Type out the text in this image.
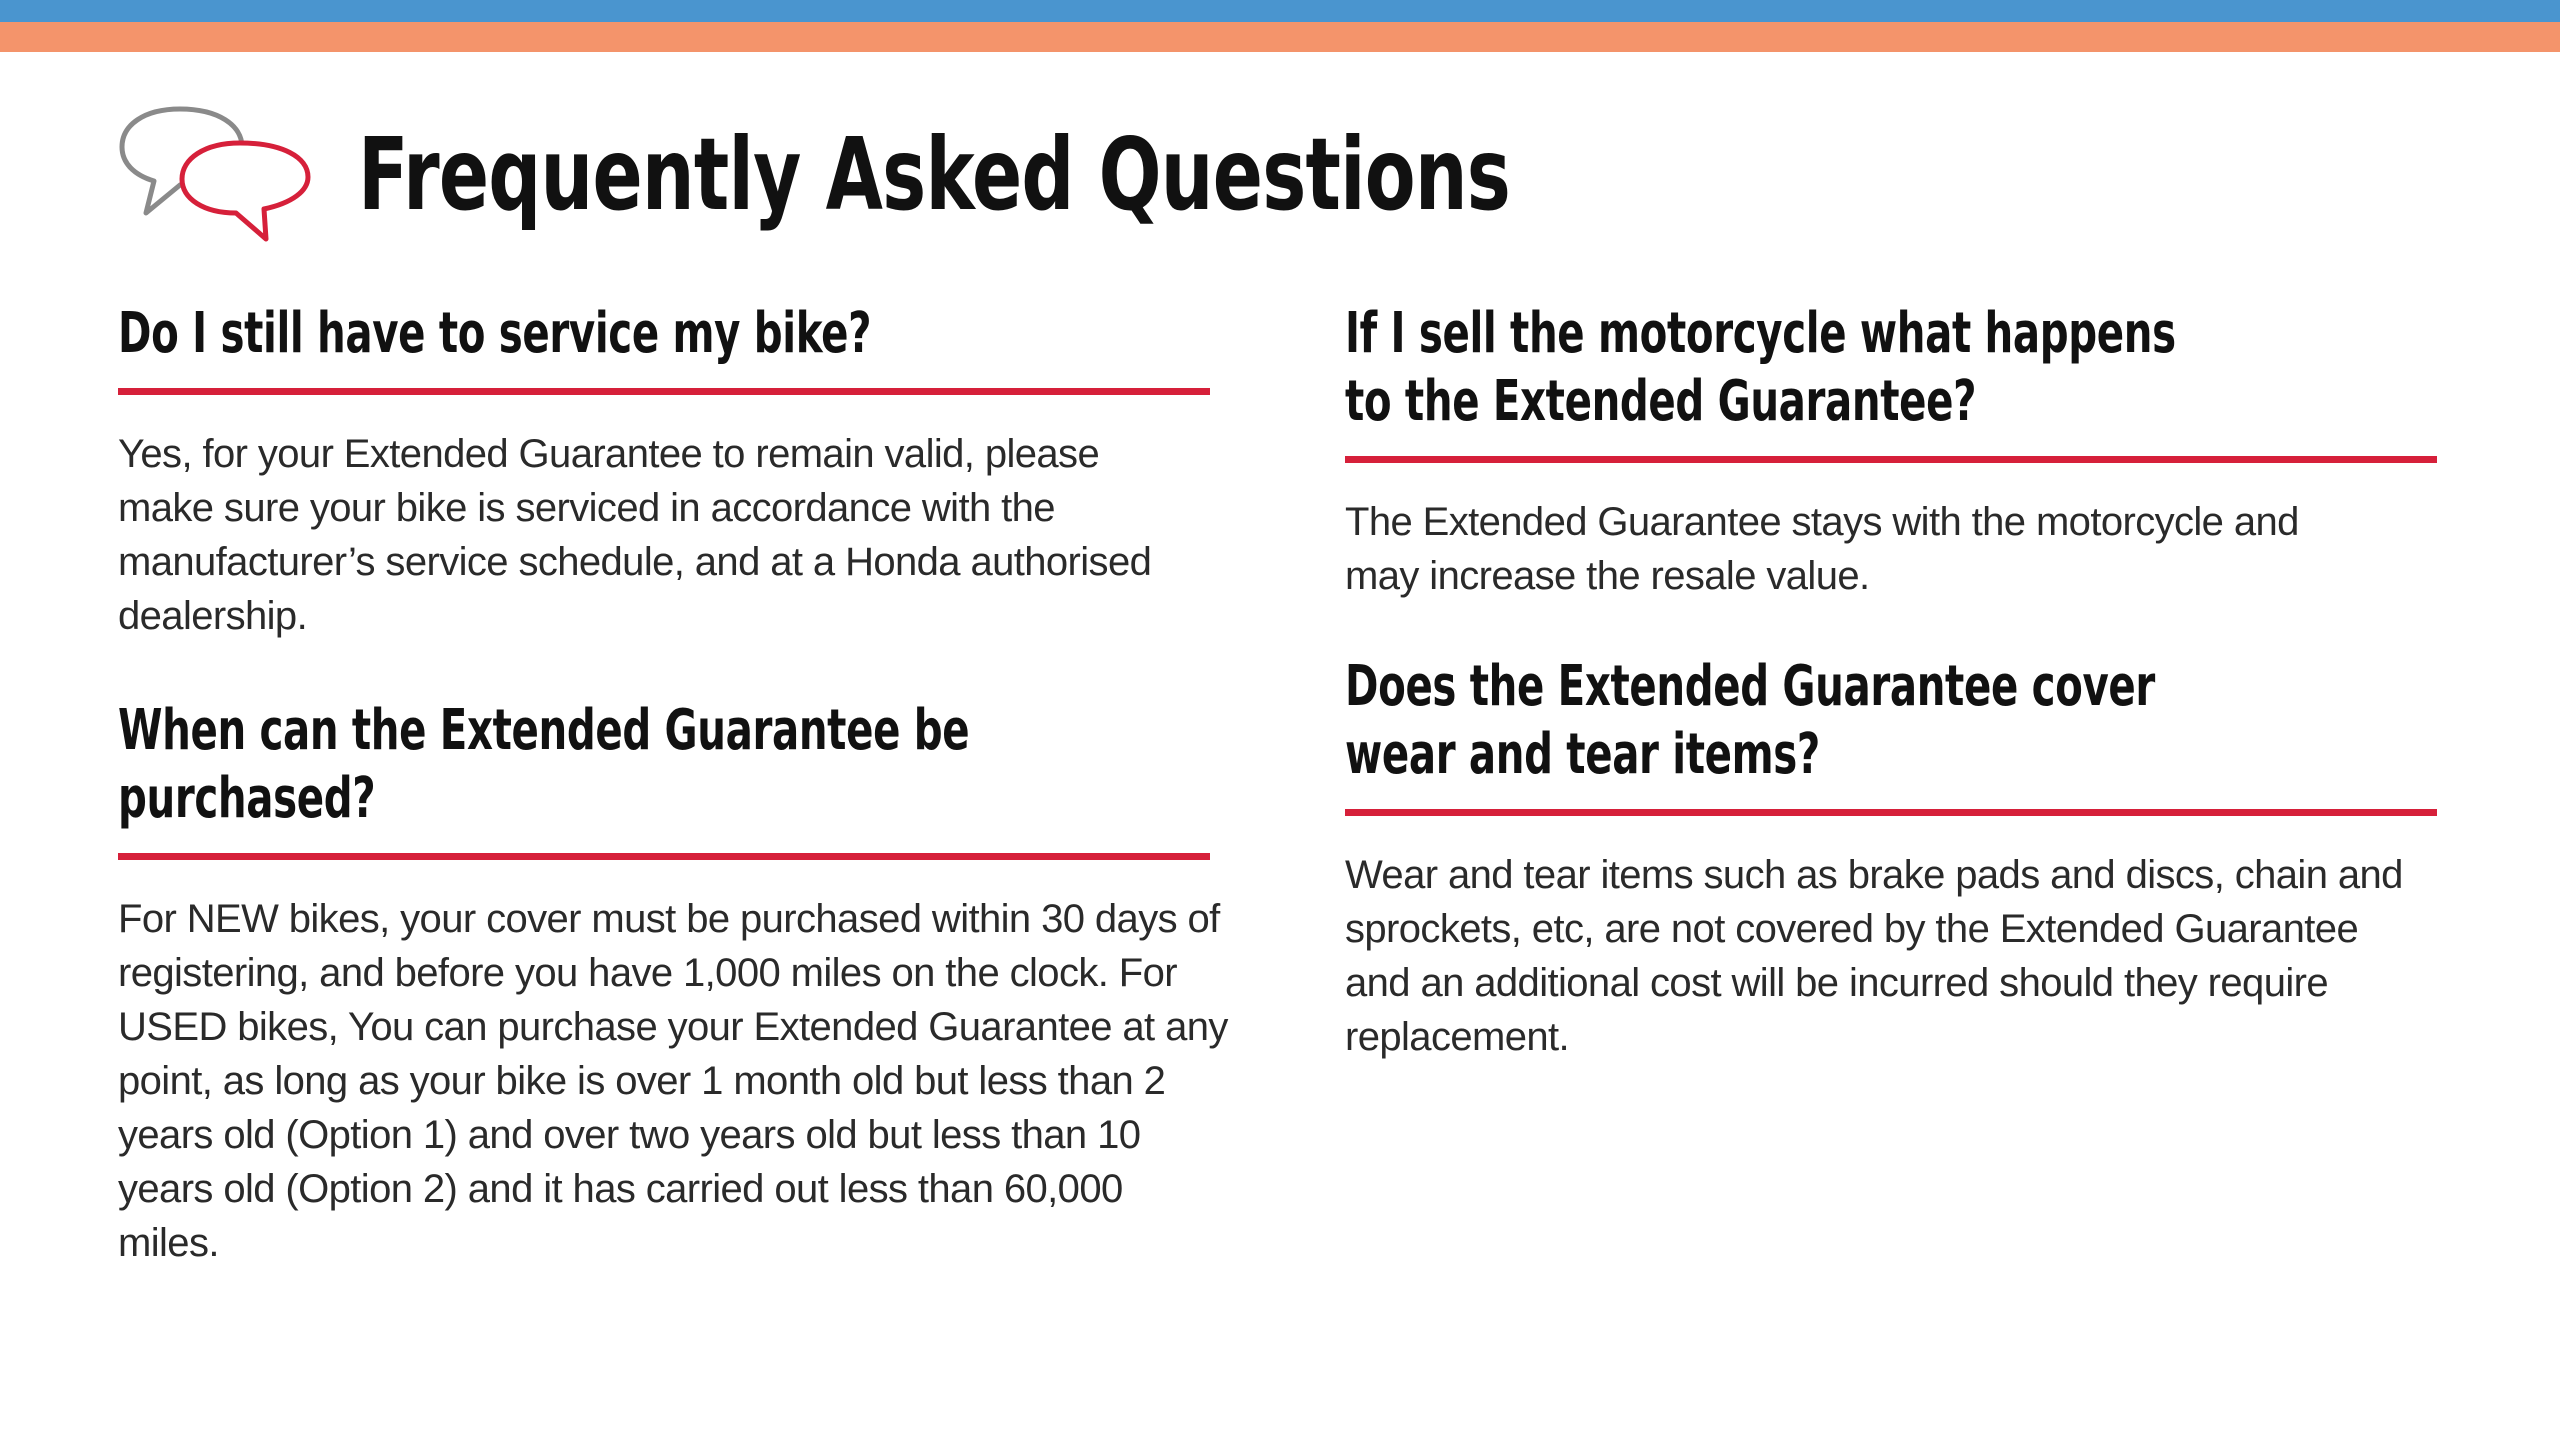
Frequently Asked Questions
Do I still have to service my bike?

Yes, for your Extended Guarantee to remain valid, please make sure your bike is serviced in accordance with the manufacturer’s service schedule, and at a Honda authorised dealership.

When can the Extended Guarantee be purchased?

For NEW bikes, your cover must be purchased within 30 days of registering, and before you have 1,000 miles on the clock. For USED bikes, You can purchase your Extended Guarantee at any point, as long as your bike is over 1 month old but less than 2 years old (Option 1) and over two years old but less than 10 years old (Option 2) and it has carried out less than 60,000 miles.

If I sell the motorcycle what happens
to the Extended Guarantee?

The Extended Guarantee stays with the motorcycle and may increase the resale value.

Does the Extended Guarantee cover
wear and tear items?

Wear and tear items such as brake pads and discs, chain and sprockets, etc, are not covered by the Extended Guarantee and an additional cost will be incurred should they require replacement.
